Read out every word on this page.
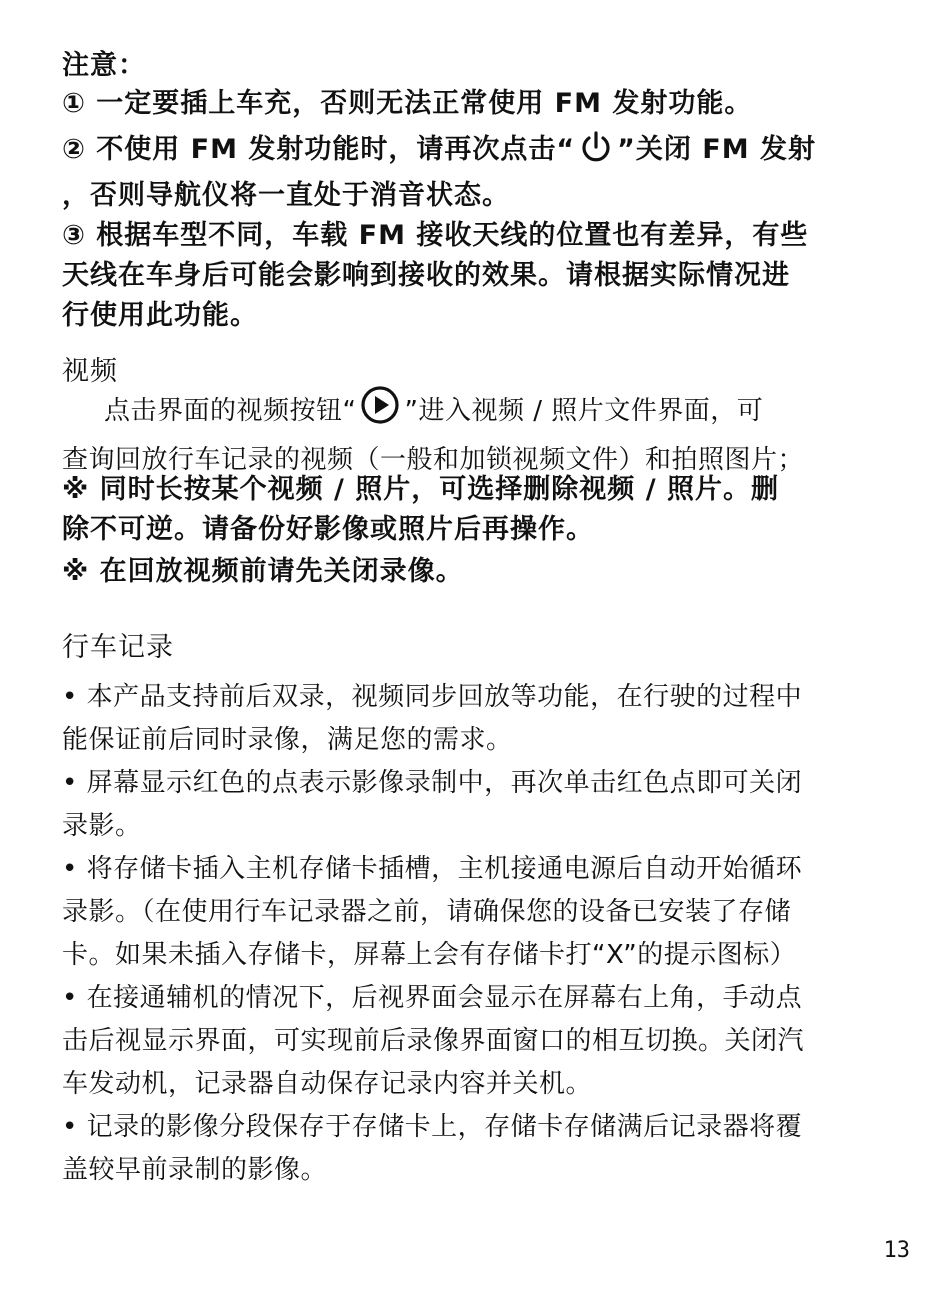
注意：
① 一定要插上车充，否则无法正常使用 FM 发射功能。
② 不使用 FM 发射功能时，请再次点击“ ”关闭 FM 发射
，否则导航仪将一直处于消音状态。
③ 根据车型不同，车载 FM 接收天线的位置也有差异，有些
天线在车身后可能会影响到接收的效果。请根据实际情况进
行使用此功能。
视频
点击界面的视频按钮“ ”进入视频 / 照片文件界面，可
查询回放行车记录的视频（一般和加锁视频文件）和拍照图片；
※ 同时长按某个视频 / 照片，可选择删除视频 / 照片。删
除不可逆。请备份好影像或照片后再操作。
※ 在回放视频前请先关闭录像。
行车记录
• 本产品支持前后双录，视频同步回放等功能，在行驶的过程中
能保证前后同时录像，满足您的需求。
• 屏幕显示红色的点表示影像录制中，再次单击红色点即可关闭
录影。
• 将存储卡插入主机存储卡插槽，主机接通电源后自动开始循环
录影。（在使用行车记录器之前，请确保您的设备已安装了存储
卡。如果未插入存储卡，屏幕上会有存储卡打“X”的提示图标）
• 在接通辅机的情况下，后视界面会显示在屏幕右上角，手动点
击后视显示界面，可实现前后录像界面窗口的相互切换。关闭汽
车发动机，记录器自动保存记录内容并关机。
• 记录的影像分段保存于存储卡上，存储卡存储满后记录器将覆
盖较早前录制的影像。
13
